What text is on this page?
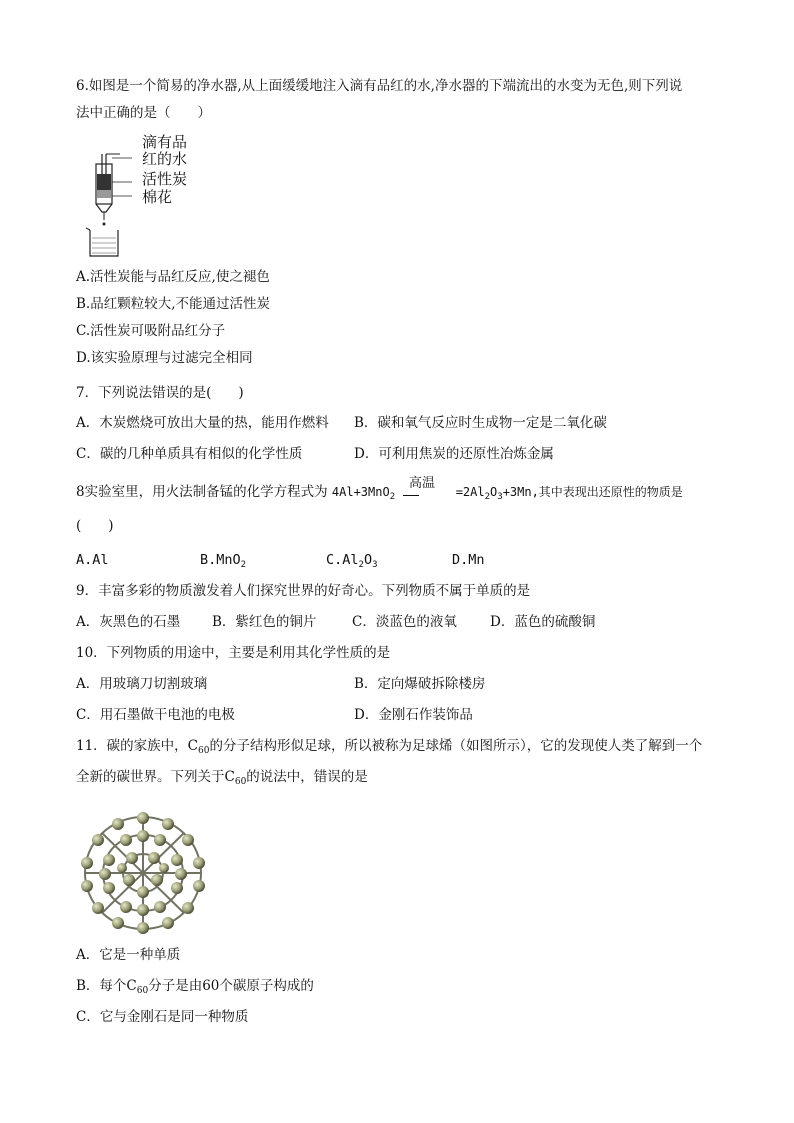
6.如图是一个简易的净水器,从上面缓缓地注入滴有品红的水,净水器的下端流出的水变为无色,则下列说
法中正确的是（　　）
滴有品
红的水
活性炭
棉花
A.活性炭能与品红反应,使之褪色
B.品红颗粒较大,不能通过活性炭
C.活性炭可吸附品红分子
D.该实验原理与过滤完全相同
7．下列说法错误的是(　　)
A．木炭燃烧可放出大量的热，能用作燃料 B．碳和氧气反应时生成物一定是二氧化碳
C．碳的几种单质具有相似的化学性质	D．可利用焦炭的还原性冶炼金属
8实验室里，用火法制备锰的化学方程式为 4Al+3MnO$_2$	$=2Al_2O_3+3Mn$,其中表现出还原性的物质是
高温
(　　)
A.Al	B.MnO$_2$	$C.Al_2O_3$	D.Mn
9．丰富多彩的物质激发着人们探究世界的好奇心。下列物质不属于单质的是
A．灰黑色的石墨 B．紫红色的铜片	C．淡蓝色的液氧 D．蓝色的硫酸铜
10．下列物质的用途中，主要是利用其化学性质的是
A．用玻璃刀切割玻璃	B．定向爆破拆除楼房
C．用石墨做干电池的电极	D．金刚石作装饰品
11．碳的家族中，$C_{60}$的分子结构形似足球，所以被称为足球烯（如图所示），它的发现使人类了解到一个
全新的碳世界。下列关于$C_{60}$的说法中，错误的是
A．它是一种单质
B．每个$C_{60}$分子是由60个碳原子构成的
C．它与金刚石是同一种物质
